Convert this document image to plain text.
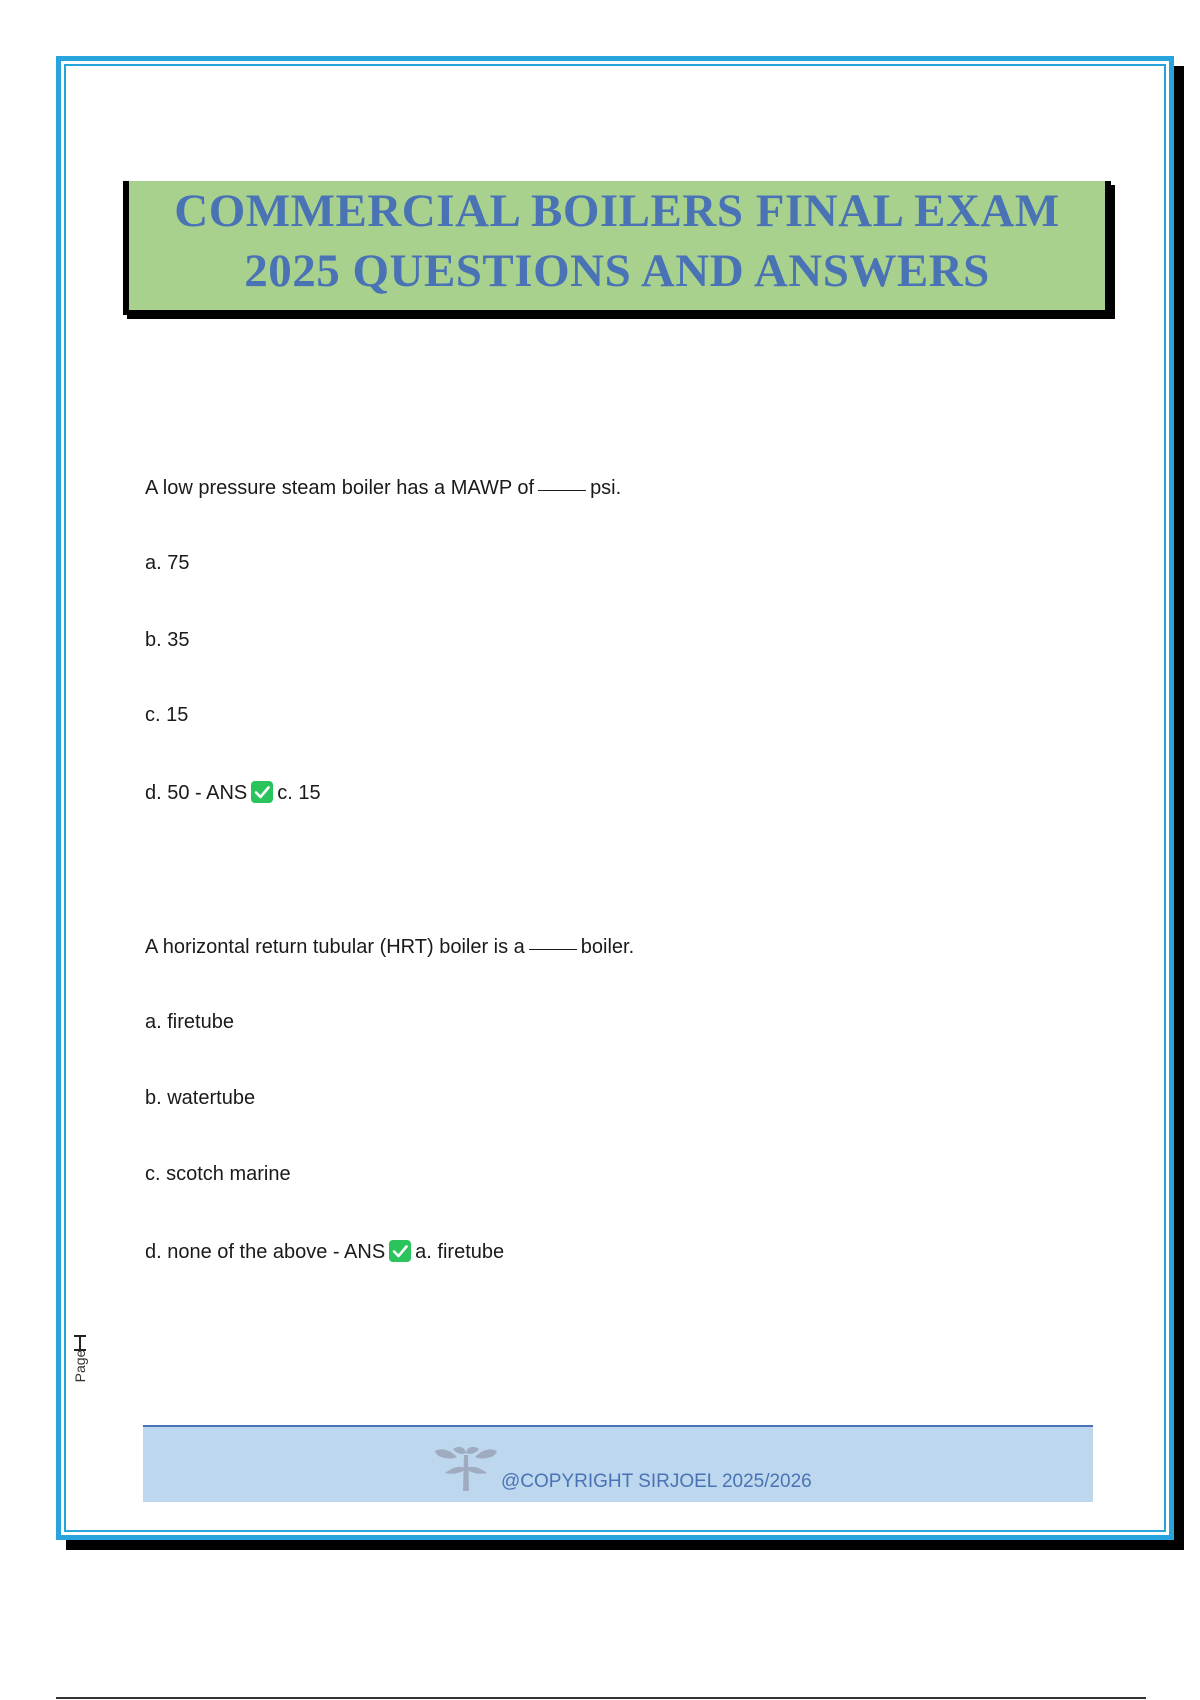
COMMERCIAL BOILERS FINAL EXAM
2025 QUESTIONS AND ANSWERS
A low pressure steam boiler has a MAWP of	psi.
a. 75
b. 35
c. 15
d. 50 - ANS c. 15
A horizontal return tubular (HRT) boiler is a	boiler.
a. firetube
b. watertube
c. scotch marine
d. none of the above - ANS a. firetube
Page
@COPYRIGHT SIRJOEL 2025/2026
